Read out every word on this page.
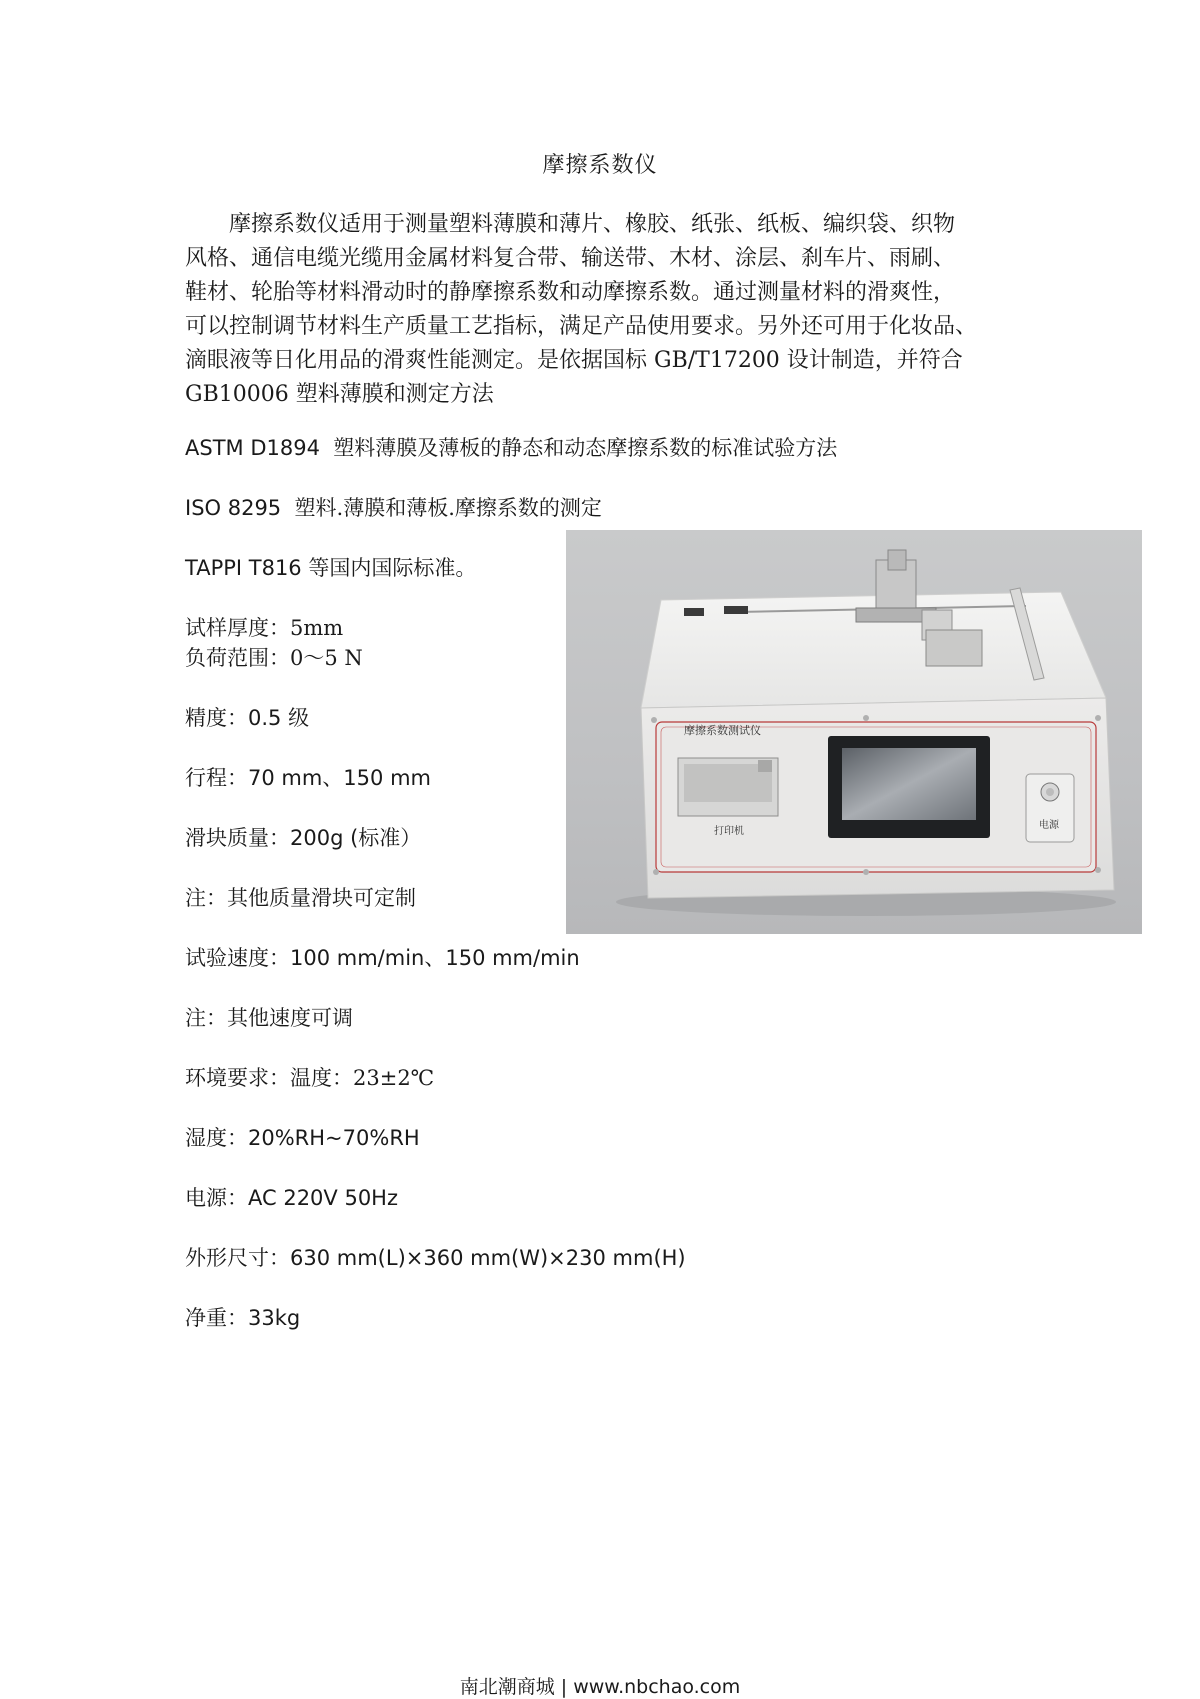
摩擦系数仪
摩擦系数仪适用于测量塑料薄膜和薄片、橡胶、纸张、纸板、编织袋、织物
风格、通信电缆光缆用金属材料复合带、输送带、木材、涂层、刹车片、雨刷、
鞋材、轮胎等材料滑动时的静摩擦系数和动摩擦系数。通过测量材料的滑爽性，
可以控制调节材料生产质量工艺指标，满足产品使用要求。另外还可用于化妆品、
滴眼液等日化用品的滑爽性能测定。是依据国标 GB/T17200 设计制造，并符合
GB10006 塑料薄膜和测定方法
ASTM D1894 塑料薄膜及薄板的静态和动态摩擦系数的标准试验方法
ISO 8295 塑料.薄膜和薄板.摩擦系数的测定
TAPPI T816 等国内国际标准。
试样厚度：5mm
负荷范围：0～5 N
精度：0.5 级
行程：70 mm、150 mm
滑块质量：200g (标准）
注：其他质量滑块可定制
试验速度：100 mm/min、150 mm/min
注：其他速度可调
环境要求：温度：23±2℃
湿度：20%RH~70%RH
电源：AC 220V 50Hz
外形尺寸：630 mm(L)×360 mm(W)×230 mm(H)
净重：33kg
摩擦系数测试仪
打印机
电源
南北潮商城 | www.nbchao.com
